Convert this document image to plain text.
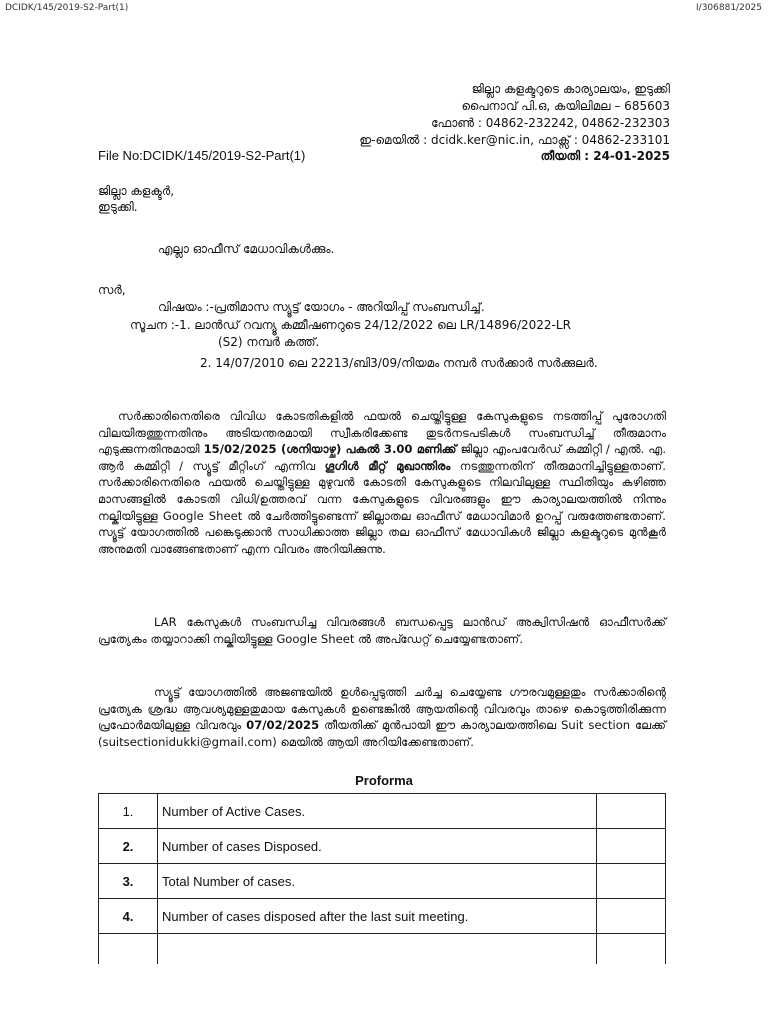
DCIDK/145/2019-S2-Part(1)	I/306881/2025
ജില്ലാ കളക്ടറുടെ കാര്യാലയം, ഇടുക്കി
പൈനാവ് പി.ഒ, കയിലിമല – 685603
ഫോൺ : 04862-232242, 04862-232303
ഇ-മെയിൽ : dcidk.ker@nic.in, ഫാക്സ് : 04862-233101
തീയതി : 24-01-2025
File No:DCIDK/145/2019-S2-Part(1)
ജില്ലാ കളക്ടർ,
ഇടുക്കി.
എല്ലാ ഓഫീസ് മേധാവികൾക്കും.
സർ,
വിഷയം :-പ്രതിമാസ സ്യൂട്ട് യോഗം - അറിയിപ്പ് സംബന്ധിച്ച്.
സൂചന :-1. ലാൻഡ് റവന്യൂ കമ്മീഷണറുടെ 24/12/2022 ലെ LR/14896/2022-LR
(S2) നമ്പർ കത്ത്.
2. 14/07/2010 ലെ 22213/ബി3/09/നിയമം നമ്പർ സർക്കാർ സർക്കുലർ.
സർക്കാരിനെതിരെ വിവിധ കോടതികളിൽ ഫയൽ ചെയ്തിട്ടുള്ള കേസുകളുടെ നടത്തിപ്പ് പുരോഗതി വിലയിരുത്തുന്നതിനും അടിയന്തരമായി സ്വീകരിക്കേണ്ട തുടർനടപടികൾ സംബന്ധിച്ച് തീരുമാനം എടുക്കുന്നതിനുമായി 15/02/2025 (ശനിയാഴ്ച) പകൽ 3.00 മണിക്ക് ജില്ലാ എംപവേർഡ് കമ്മിറ്റി / എൽ. എ. ആർ കമ്മിറ്റി / സ്യൂട്ട് മീറ്റിംഗ് എന്നിവ ഗൂഗിൾ മീറ്റ് മുഖാന്തിരം നടത്തുന്നതിന് തീരുമാനിച്ചിട്ടുള്ളതാണ്. സർക്കാരിനെതിരെ ഫയൽ ചെയ്തിട്ടുള്ള മുഴുവൻ കോടതി കേസുകളുടെ നിലവിലുള്ള സ്ഥിതിയും കഴിഞ്ഞ മാസങ്ങളിൽ കോടതി വിധി/ഉത്തരവ് വന്ന കേസുകളുടെ വിവരങ്ങളും ഈ കാര്യാലയത്തിൽ നിന്നും നല്കിയിട്ടുള്ള Google Sheet ൽ ചേർത്തിട്ടുണ്ടെന്ന് ജില്ലാതല ഓഫീസ് മേധാവിമാർ ഉറപ്പ് വരുത്തേണ്ടതാണ്. സ്യൂട്ട് യോഗത്തിൽ പങ്കെടുക്കാൻ സാധിക്കാത്ത ജില്ലാ തല ഓഫീസ് മേധാവികൾ ജില്ലാ കളക്ടറുടെ മുൻകൂർ അനുമതി വാങ്ങേണ്ടതാണ് എന്ന വിവരം അറിയിക്കുന്നു.
LAR കേസുകൾ സംബന്ധിച്ച വിവരങ്ങൾ ബന്ധപ്പെട്ട ലാൻഡ് അക്വിസിഷൻ ഓഫീസർക്ക് പ്രത്യേകം തയ്യാറാക്കി നല്കിയിട്ടുള്ള Google Sheet ൽ അപ്ഡേറ്റ് ചെയ്യേണ്ടതാണ്.
സ്യൂട്ട് യോഗത്തിൽ അജണ്ടയിൽ ഉൾപ്പെടുത്തി ചർച്ച ചെയ്യേണ്ട ഗൗരവമുള്ളതും സർക്കാരിന്റെ പ്രത്യേക ശ്രദ്ധ ആവശ്യമുള്ളതുമായ കേസുകൾ ഉണ്ടെങ്കിൽ ആയതിന്റെ വിവരവും താഴെ കൊടുത്തിരിക്കുന്ന പ്രഫോർമയിലുള്ള വിവരവും 07/02/2025 തീയതിക്ക് മുൻപായി ഈ കാര്യാലയത്തിലെ Suit section ലേക്ക് (suitsectionidukki@gmail.com) മെയിൽ ആയി അറിയിക്കേണ്ടതാണ്.
Proforma
1.	Number of Active Cases.	
2.	Number of cases Disposed.	
3.	Total Number of cases.	
4.	Number of cases disposed after the last suit meeting.	
